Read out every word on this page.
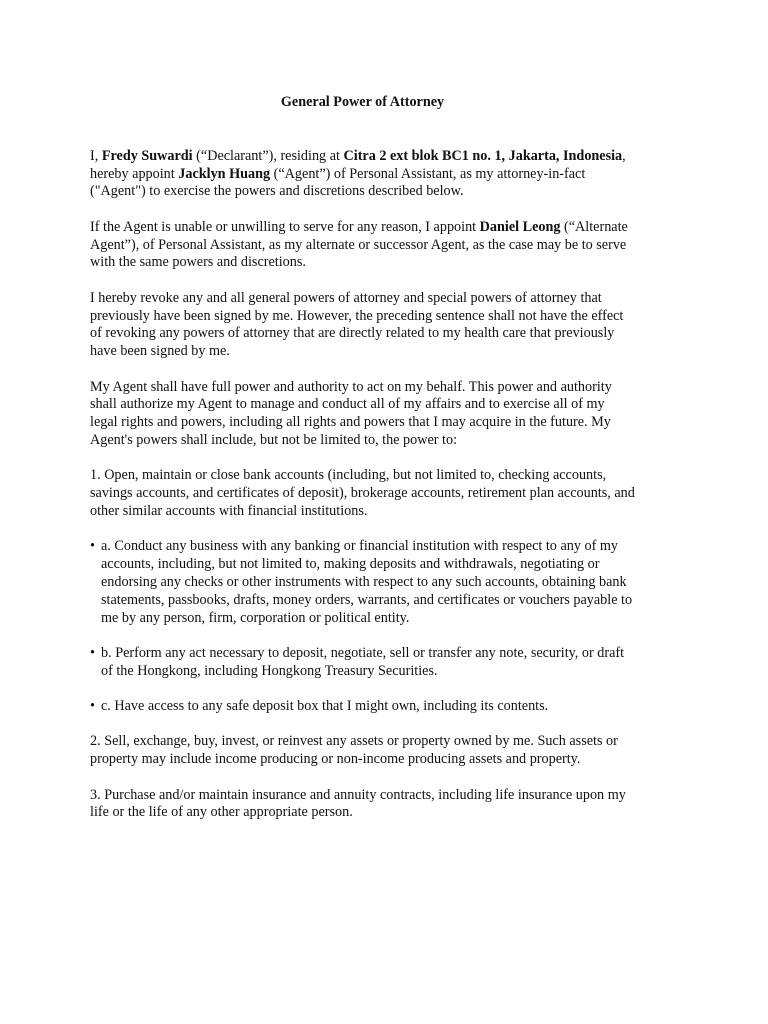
General Power of Attorney

I, Fredy Suwardi (“Declarant”), residing at Citra 2 ext blok BC1 no. 1, Jakarta, Indonesia, hereby appoint Jacklyn Huang (“Agent”) of Personal Assistant, as my attorney-in-fact ("Agent") to exercise the powers and discretions described below.

If the Agent is unable or unwilling to serve for any reason, I appoint Daniel Leong (“Alternate Agent”), of Personal Assistant, as my alternate or successor Agent, as the case may be to serve with the same powers and discretions.

I hereby revoke any and all general powers of attorney and special powers of attorney that previously have been signed by me. However, the preceding sentence shall not have the effect of revoking any powers of attorney that are directly related to my health care that previously have been signed by me.

My Agent shall have full power and authority to act on my behalf. This power and authority shall authorize my Agent to manage and conduct all of my affairs and to exercise all of my legal rights and powers, including all rights and powers that I may acquire in the future. My Agent's powers shall include, but not be limited to, the power to:

1. Open, maintain or close bank accounts (including, but not limited to, checking accounts, savings accounts, and certificates of deposit), brokerage accounts, retirement plan accounts, and other similar accounts with financial institutions.

• a. Conduct any business with any banking or financial institution with respect to any of my accounts, including, but not limited to, making deposits and withdrawals, negotiating or endorsing any checks or other instruments with respect to any such accounts, obtaining bank statements, passbooks, drafts, money orders, warrants, and certificates or vouchers payable to me by any person, firm, corporation or political entity.
• b. Perform any act necessary to deposit, negotiate, sell or transfer any note, security, or draft of the Hongkong, including Hongkong Treasury Securities.
• c. Have access to any safe deposit box that I might own, including its contents.

2. Sell, exchange, buy, invest, or reinvest any assets or property owned by me. Such assets or property may include income producing or non-income producing assets and property.

3. Purchase and/or maintain insurance and annuity contracts, including life insurance upon my life or the life of any other appropriate person.
